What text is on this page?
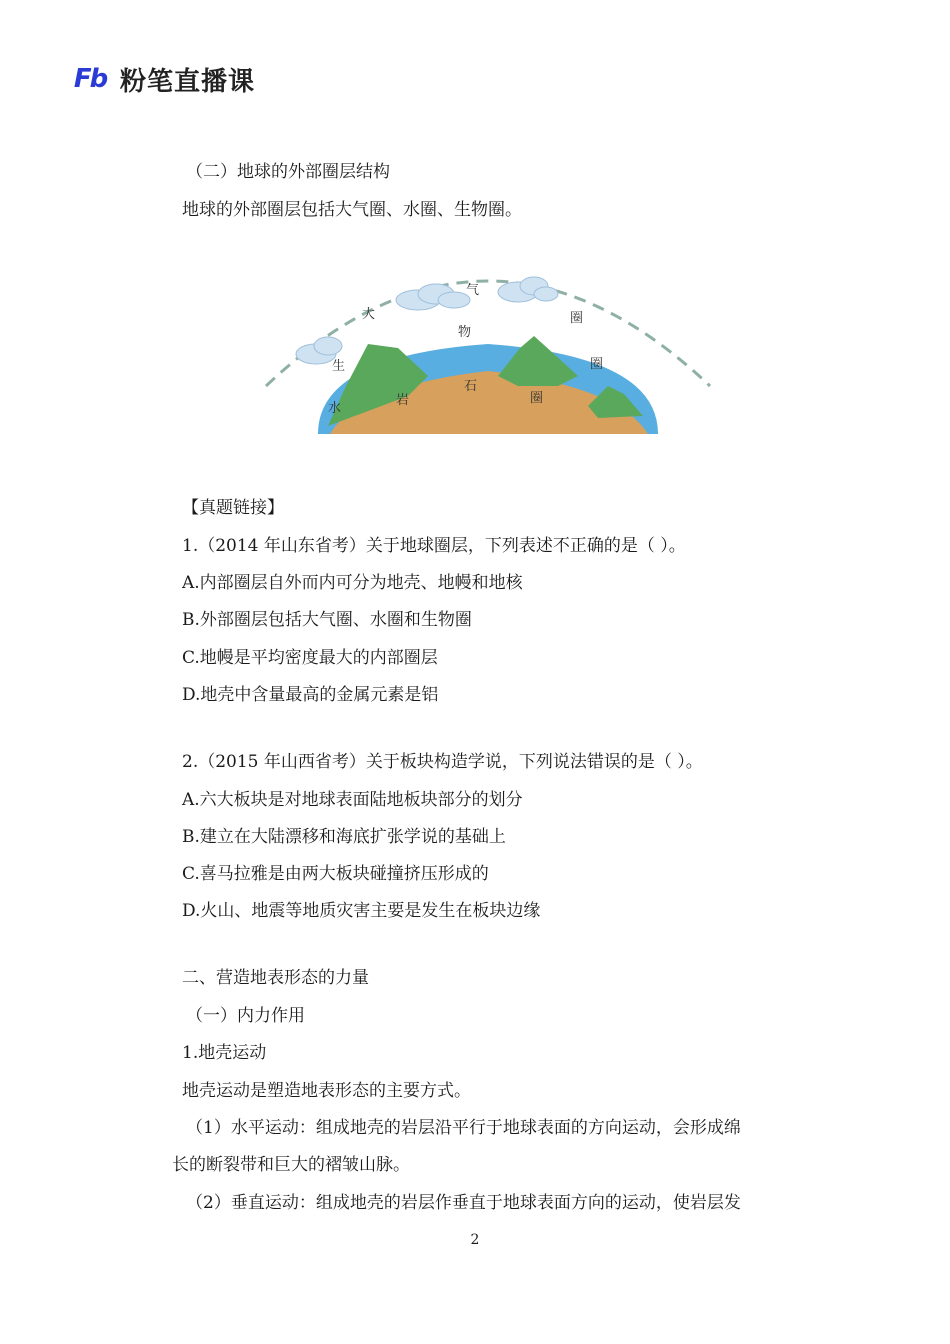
Fb 粉笔直播课
（二）地球的外部圈层结构
地球的外部圈层包括大气圈、水圈、生物圈。
大
气
圈
圈
生
物
水
岩
石
圈
【真题链接】
1.（2014 年山东省考）关于地球圈层，下列表述不正确的是（ ）。
A.内部圈层自外而内可分为地壳、地幔和地核
B.外部圈层包括大气圈、水圈和生物圈
C.地幔是平均密度最大的内部圈层
D.地壳中含量最高的金属元素是铝
2.（2015 年山西省考）关于板块构造学说，下列说法错误的是（ ）。
A.六大板块是对地球表面陆地板块部分的划分
B.建立在大陆漂移和海底扩张学说的基础上
C.喜马拉雅是由两大板块碰撞挤压形成的
D.火山、地震等地质灾害主要是发生在板块边缘
二、营造地表形态的力量
（一）内力作用
1.地壳运动
地壳运动是塑造地表形态的主要方式。
（1）水平运动：组成地壳的岩层沿平行于地球表面的方向运动，会形成绵
长的断裂带和巨大的褶皱山脉。
（2）垂直运动：组成地壳的岩层作垂直于地球表面方向的运动，使岩层发
2
